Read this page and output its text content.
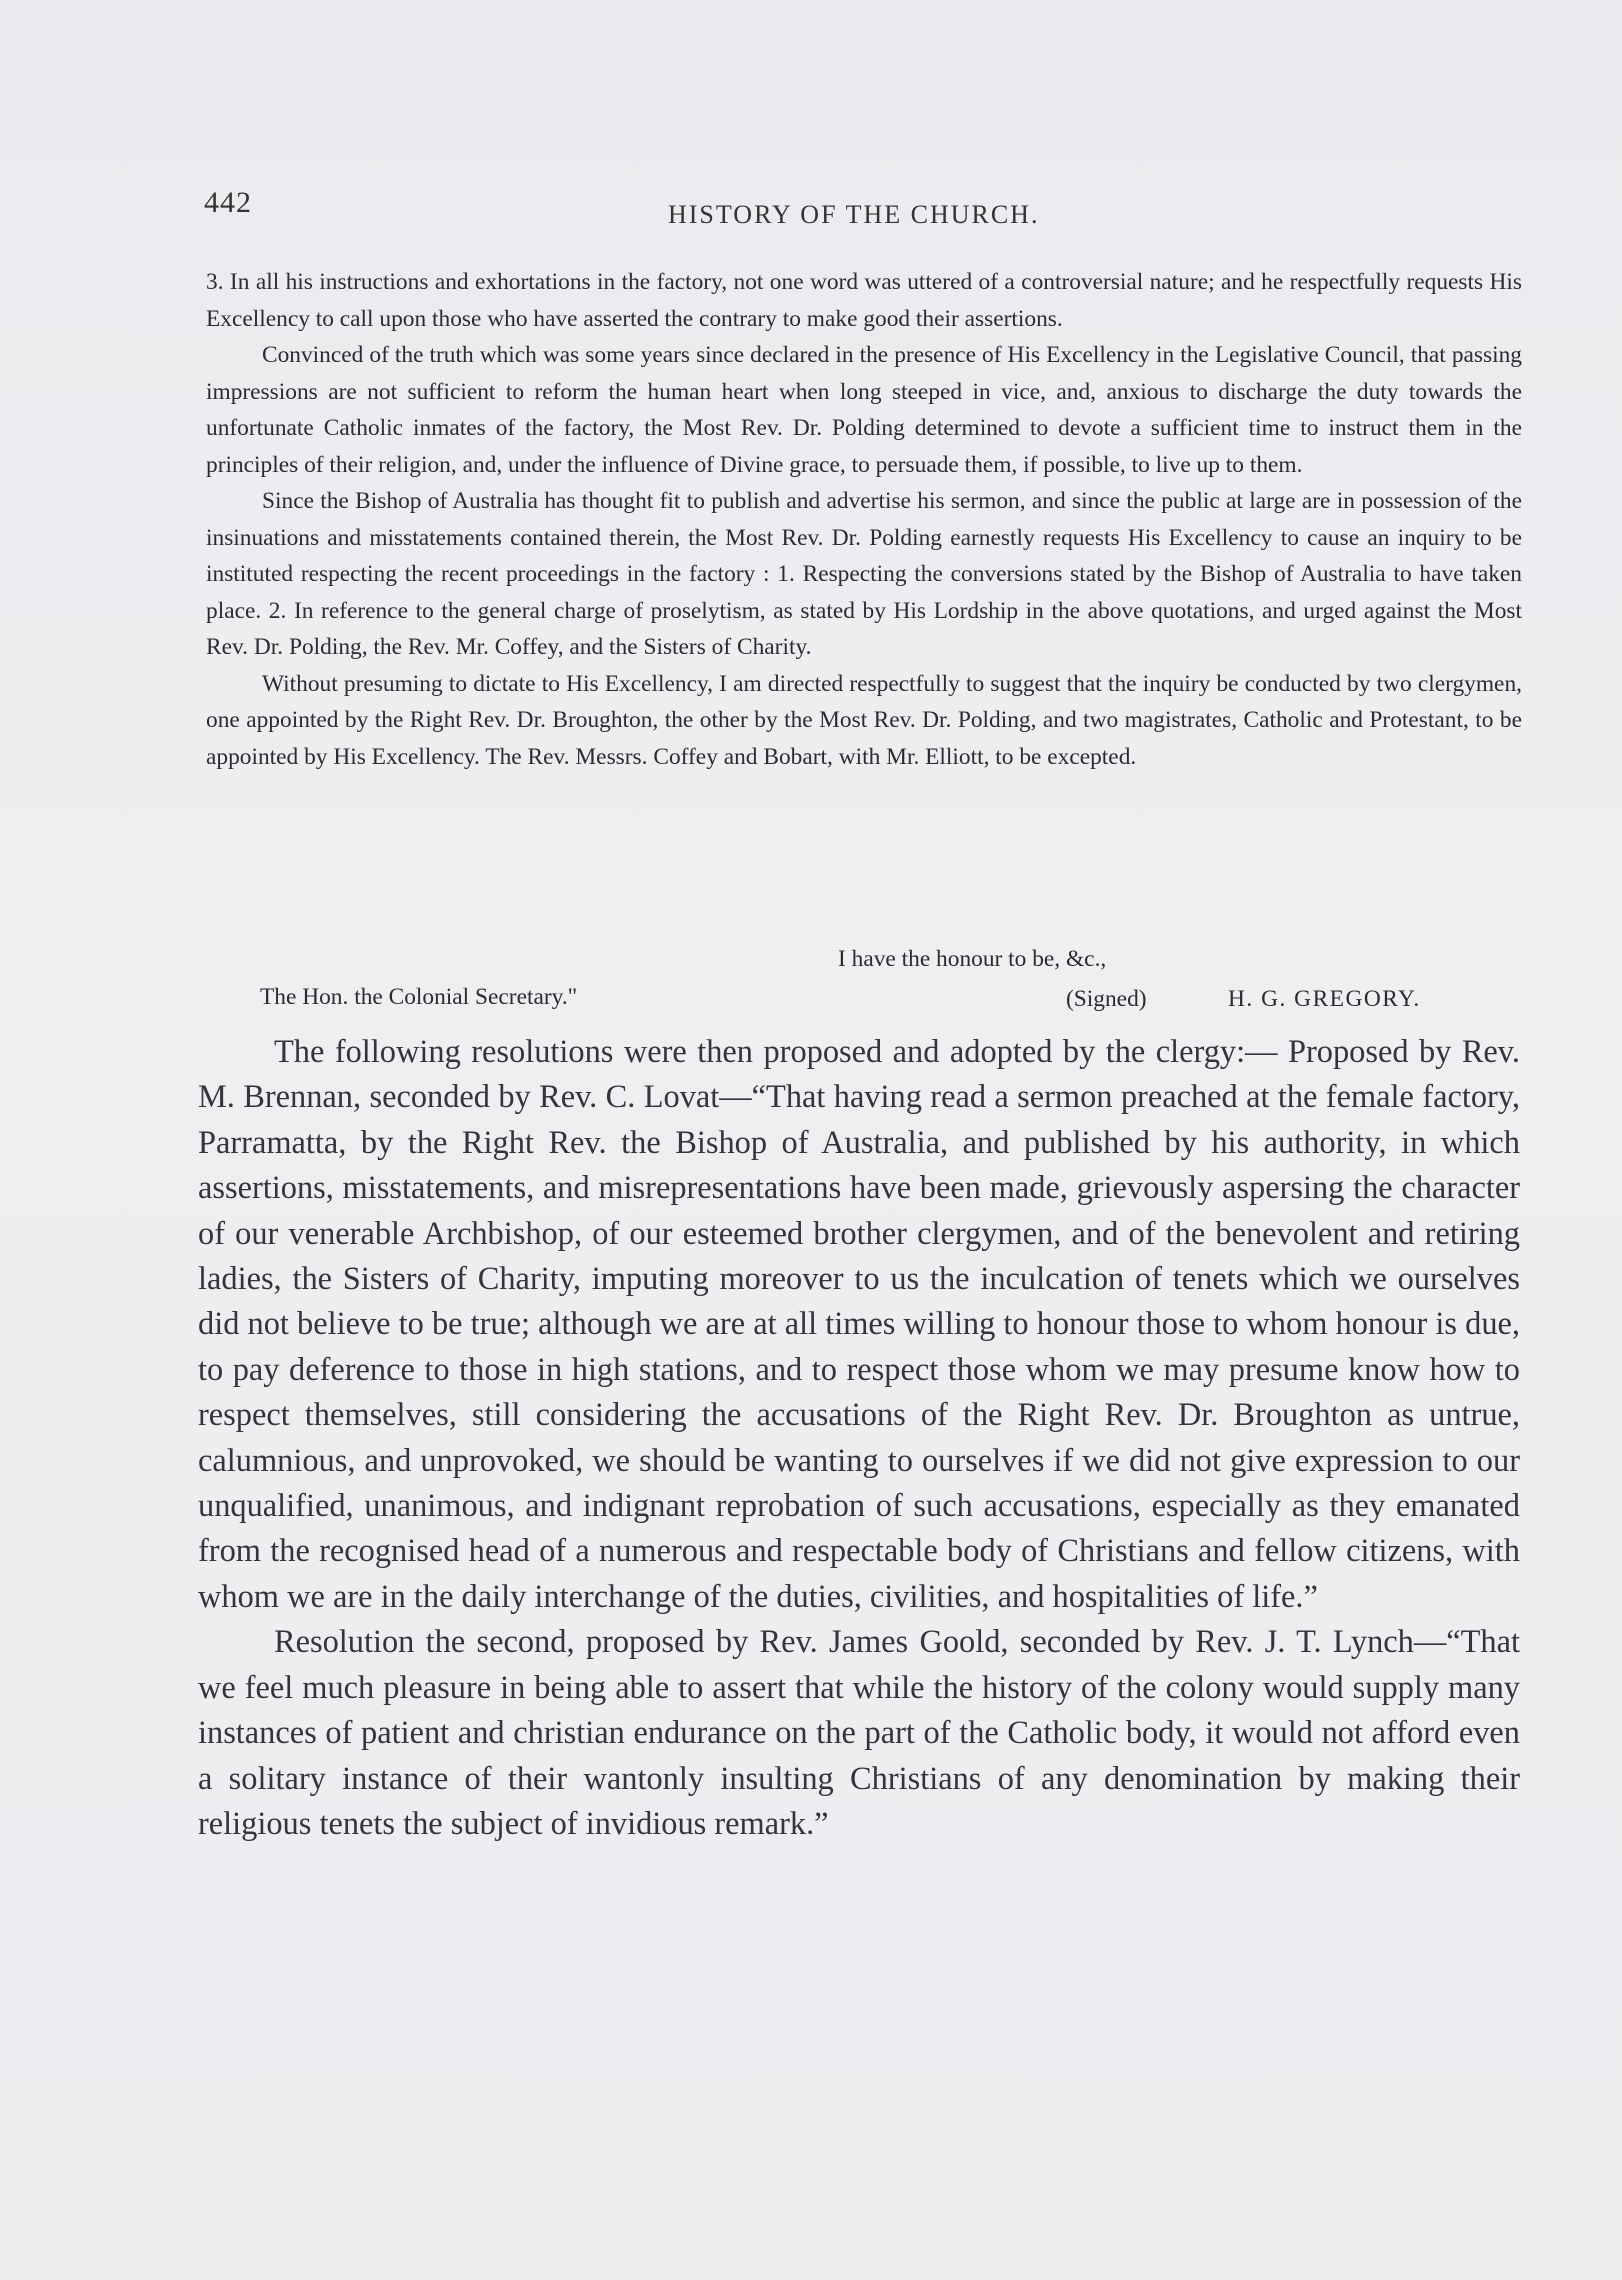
442	HISTORY OF THE CHURCH.

3. In all his instructions and exhortations in the factory, not one word was uttered of a controversial nature; and he respectfully requests His Excellency to call upon those who have asserted the contrary to make good their assertions.

Convinced of the truth which was some years since declared in the presence of His Excellency in the Legislative Council, that passing impressions are not sufficient to reform the human heart when long steeped in vice, and, anxious to discharge the duty towards the unfortunate Catholic inmates of the factory, the Most Rev. Dr. Polding determined to devote a sufficient time to instruct them in the principles of their religion, and, under the influence of Divine grace, to persuade them, if possible, to live up to them.

Since the Bishop of Australia has thought fit to publish and advertise his sermon, and since the public at large are in possession of the insinuations and misstatements contained therein, the Most Rev. Dr. Polding earnestly requests His Excellency to cause an inquiry to be instituted respecting the recent proceedings in the factory : 1. Respecting the conversions stated by the Bishop of Australia to have taken place. 2. In reference to the general charge of proselytism, as stated by His Lordship in the above quotations, and urged against the Most Rev. Dr. Polding, the Rev. Mr. Coffey, and the Sisters of Charity.

Without presuming to dictate to His Excellency, I am directed respectfully to suggest that the inquiry be conducted by two clergymen, one appointed by the Right Rev. Dr. Broughton, the other by the Most Rev. Dr. Polding, and two magistrates, Catholic and Protestant, to be appointed by His Excellency. The Rev. Messrs. Coffey and Bobart, with Mr. Elliott, to be excepted.

I have the honour to be, &c.,
The Hon. the Colonial Secretary."	(Signed)	H. G. GREGORY.

The following resolutions were then proposed and adopted by the clergy:— Proposed by Rev. M. Brennan, seconded by Rev. C. Lovat—“That having read a sermon preached at the female factory, Parramatta, by the Right Rev. the Bishop of Australia, and published by his authority, in which assertions, misstatements, and misrepresentations have been made, grievously aspersing the character of our venerable Archbishop, of our esteemed brother clergymen, and of the benevolent and retiring ladies, the Sisters of Charity, imputing moreover to us the inculcation of tenets which we ourselves did not believe to be true; although we are at all times willing to honour those to whom honour is due, to pay deference to those in high stations, and to respect those whom we may presume know how to respect themselves, still considering the accusations of the Right Rev. Dr. Broughton as untrue, calumnious, and unprovoked, we should be wanting to ourselves if we did not give expression to our unqualified, unanimous, and indignant reprobation of such accusations, especially as they emanated from the recognised head of a numerous and respectable body of Christians and fellow citizens, with whom we are in the daily interchange of the duties, civilities, and hospitalities of life.”

Resolution the second, proposed by Rev. James Goold, seconded by Rev. J. T. Lynch—“That we feel much pleasure in being able to assert that while the history of the colony would supply many instances of patient and christian endurance on the part of the Catholic body, it would not afford even a solitary instance of their wantonly insulting Christians of any denomination by making their religious tenets the subject of invidious remark.”
